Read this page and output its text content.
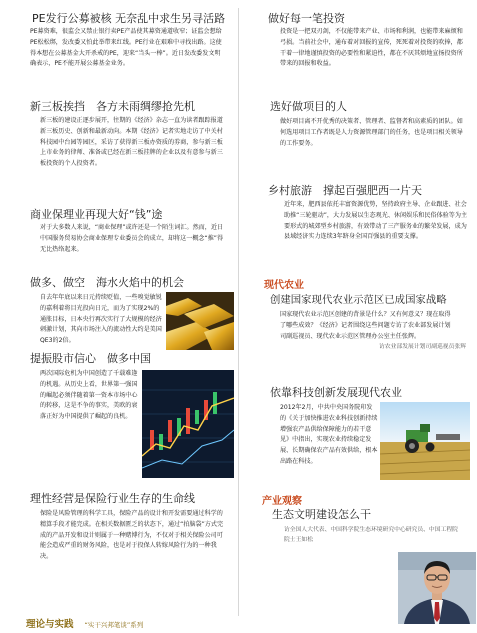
PE发行公募被核 无奈乱中求生另寻活路
PE募资难，很监会又禁止银行卖PE产品使其募资通道收窄；证监会想给PE松松绑，发改委又怕此举带来红线。PE行业在艰难中寻找出路。这使得本想在公募基金大开杀戒的PE，迎来“当头一棒”。近日发改委发文明确表示，PE不能开展公募基金业务。
新三板挨挡　各方未雨绸缪抢先机
新三板的建设正逐步展开，往期的《经济》杂志一直为读者跟踪报道新三板历史、创新和最新动向。本期《经济》记者实地走访了中关村科技园中台园等园区，采访了获得新三板办资质的劵商，参与新三板上市业务的律师、准备或已经在新三板挂牌的企业以及有意参与新三板投资的个人投资者。
商业保理业再现大好“钱”途
对于大多数人来说，“商业保理”或许还是一个陌生词汇。然而，近日中国服务贸易协会商业保理专业委员会的成立，却将这一概念“推”得无比热络起来。
做多、做空　海水火焰中的机会
自去年年底以来日元持续贬值，一些嗅觉敏锐的嘉利着将目光投向日元，而为了实现2%的通胀目标，日本央行再次实行了大规模的经济刺激计划，其向市场注入的流动性大约是美国QE3的2倍。
提振股市信心　做多中国
两次国际危机为中国创造了千载难逢的机遇。从历史上看，世界第一强国的崛起必须伴随着第一资本市场中心的转移，这是不争的事实，美欧的衰落正好为中国提供了崛起的良机。
理性经营是保险行业生存的生命线
保险是风险管理的科学工具，保险产品的设计和开发需要通过科学的精算手段才能完成。在相关数据匮乏的状态下，通过“拍脑袋”方式完成的产品开发和设计则属于一种赌博行为，不仅对于相关保险公司可能会造成严重的财务风险，也是对于投保人转嫁风险行为的一种我决。
理论与实践 “实干兴邦笔谈”系列
做好每一笔投资
投资是一把双刃剑，不仅能带来产业、市场和利润，也能带来麻烦和弓损。当前社会中，通布着对回报的宣传，死死着对投资的吹捧，都干着一律地谨慎投资的必要性和紧迫性，都在不厌其烦地宣扬投资所带来的回报和收益。
选好做项目的人
做好项目离不开优秀的决策者、管理者、监督者和高素质的团队。如何选用项目工作者既是人力资源管理部门的任务，也是项目相关领导的工作要务。
乡村旅游　撑起百强肥西一片天
近年来，肥西县依托丰富资源优势，坚持政府主导、企业跟进、社会助推“三轮驱动”，大力发展以生态观光、休闲娱乐和民俗体验等为主要形式的城郊型乡村旅游，有效带动了三产服务业的繁荣发展，成为县域经济实力连续3年跻身全国百强县的重要支撑。
现代农业
创建国家现代农业示范区已成国家战略
国家现代农业示范区创建的背景是什么？又有何意义？现在取得了哪些成效？《经济》记者围绕这些问题专访了农业部发展计划司副巡视员、现代农业示范区管理办公室主任张辉。
访农业部发展计划司副巡视员张辉
依靠科技创新发展现代农业
2012年2月，中共中央国务院印发的《关于加快推进农业科技创新持续增强农产品供给保障能力的若干意见》中指出，实现农业持续稳定发展、长期确保农产品有效供给，根本出路在科技。
产业观察
生态文明建设怎么干
访全国人大代表、中国科学院生态环境研究中心研究员、中国工程院院士王如松
